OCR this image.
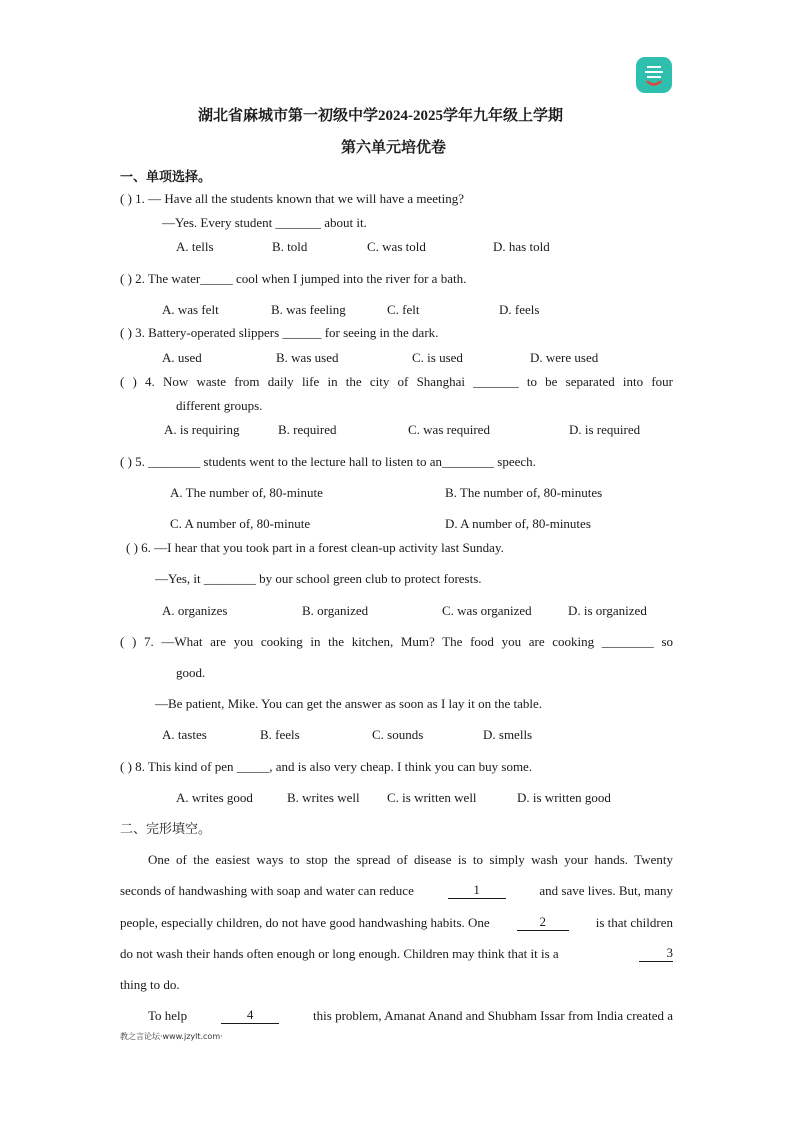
湖北省麻城市第一初级中学2024-2025学年九年级上学期
第六单元培优卷
一、单项选择。
( ) 1. — Have all the students known that we will have a meeting?
—Yes. Every student _______ about it.
A. tells	B. told	C. was told	D. has told
( ) 2. The water_____ cool when I jumped into the river for a bath.
A. was felt	B. was feeling	C. felt	D. feels
( ) 3. Battery-operated slippers ______ for seeing in the dark.
A. used	B. was used	C. is used	D. were used
( ) 4. Now waste from daily life in the city of Shanghai _______ to be separated into four
different groups.
A. is requiring	B. required	C. was required	D. is required
( ) 5. ________ students went to the lecture hall to listen to an________ speech.
A. The number of, 80-minute	B. The number of, 80-minutes
C. A number of, 80-minute	D. A number of, 80-minutes
( ) 6. —I hear that you took part in a forest clean-up activity last Sunday.
—Yes, it ________ by our school green club to protect forests.
A. organizes	B. organized	C. was organized	D. is organized
( ) 7. —What are you cooking in the kitchen, Mum? The food you are cooking ________ so
good.
—Be patient, Mike. You can get the answer as soon as I lay it on the table.
A. tastes	B. feels	C. sounds	D. smells
( ) 8. This kind of pen _____, and is also very cheap. I think you can buy some.
A. writes good	B. writes well C. is written well	D. is written good
二、完形填空。
One of the easiest ways to stop the spread of disease is to simply wash your hands. Twenty
seconds of handwashing with soap and water can reduce	1	and save lives. But, many
people, especially children, do not have good handwashing habits. One	2	is that children
do not wash their hands often enough or long enough. Children may think that it is a	3
thing to do.
To help	4	this problem, Amanat Anand and Shubham Issar from India created a
教之言论坛·www.jzylt.com·
